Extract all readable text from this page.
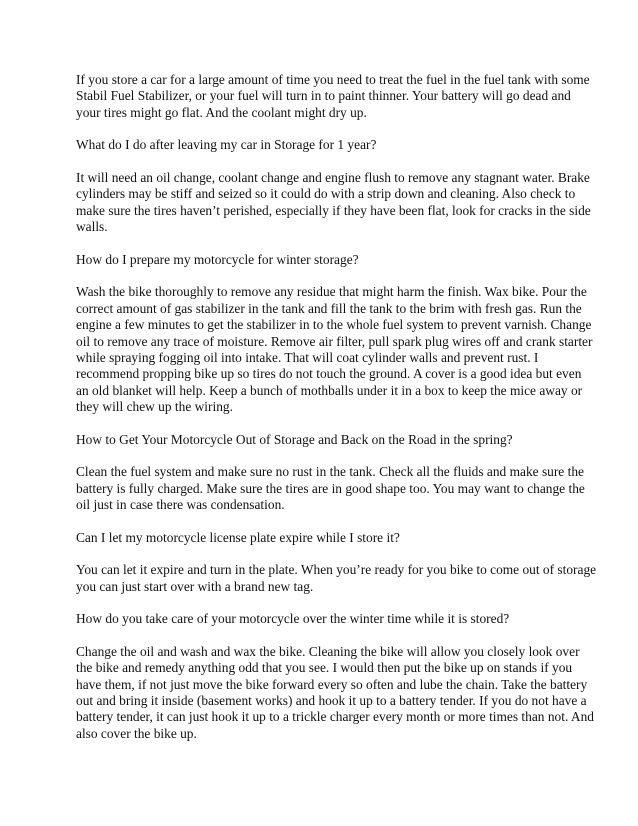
If you store a car for a large amount of time you need to treat the fuel in the fuel tank with some
Stabil Fuel Stabilizer, or your fuel will turn in to paint thinner. Your battery will go dead and
your tires might go flat. And the coolant might dry up.

What do I do after leaving my car in Storage for 1 year?

It will need an oil change, coolant change and engine flush to remove any stagnant water. Brake
cylinders may be stiff and seized so it could do with a strip down and cleaning. Also check to
make sure the tires haven’t perished, especially if they have been flat, look for cracks in the side
walls.

How do I prepare my motorcycle for winter storage?

Wash the bike thoroughly to remove any residue that might harm the finish. Wax bike. Pour the
correct amount of gas stabilizer in the tank and fill the tank to the brim with fresh gas. Run the
engine a few minutes to get the stabilizer in to the whole fuel system to prevent varnish. Change
oil to remove any trace of moisture. Remove air filter, pull spark plug wires off and crank starter
while spraying fogging oil into intake. That will coat cylinder walls and prevent rust. I
recommend propping bike up so tires do not touch the ground. A cover is a good idea but even
an old blanket will help. Keep a bunch of mothballs under it in a box to keep the mice away or
they will chew up the wiring.

How to Get Your Motorcycle Out of Storage and Back on the Road in the spring?

Clean the fuel system and make sure no rust in the tank. Check all the fluids and make sure the
battery is fully charged. Make sure the tires are in good shape too. You may want to change the
oil just in case there was condensation.

Can I let my motorcycle license plate expire while I store it?

You can let it expire and turn in the plate. When you’re ready for you bike to come out of storage
you can just start over with a brand new tag.

How do you take care of your motorcycle over the winter time while it is stored?

Change the oil and wash and wax the bike. Cleaning the bike will allow you closely look over
the bike and remedy anything odd that you see. I would then put the bike up on stands if you
have them, if not just move the bike forward every so often and lube the chain. Take the battery
out and bring it inside (basement works) and hook it up to a battery tender. If you do not have a
battery tender, it can just hook it up to a trickle charger every month or more times than not. And
also cover the bike up.
